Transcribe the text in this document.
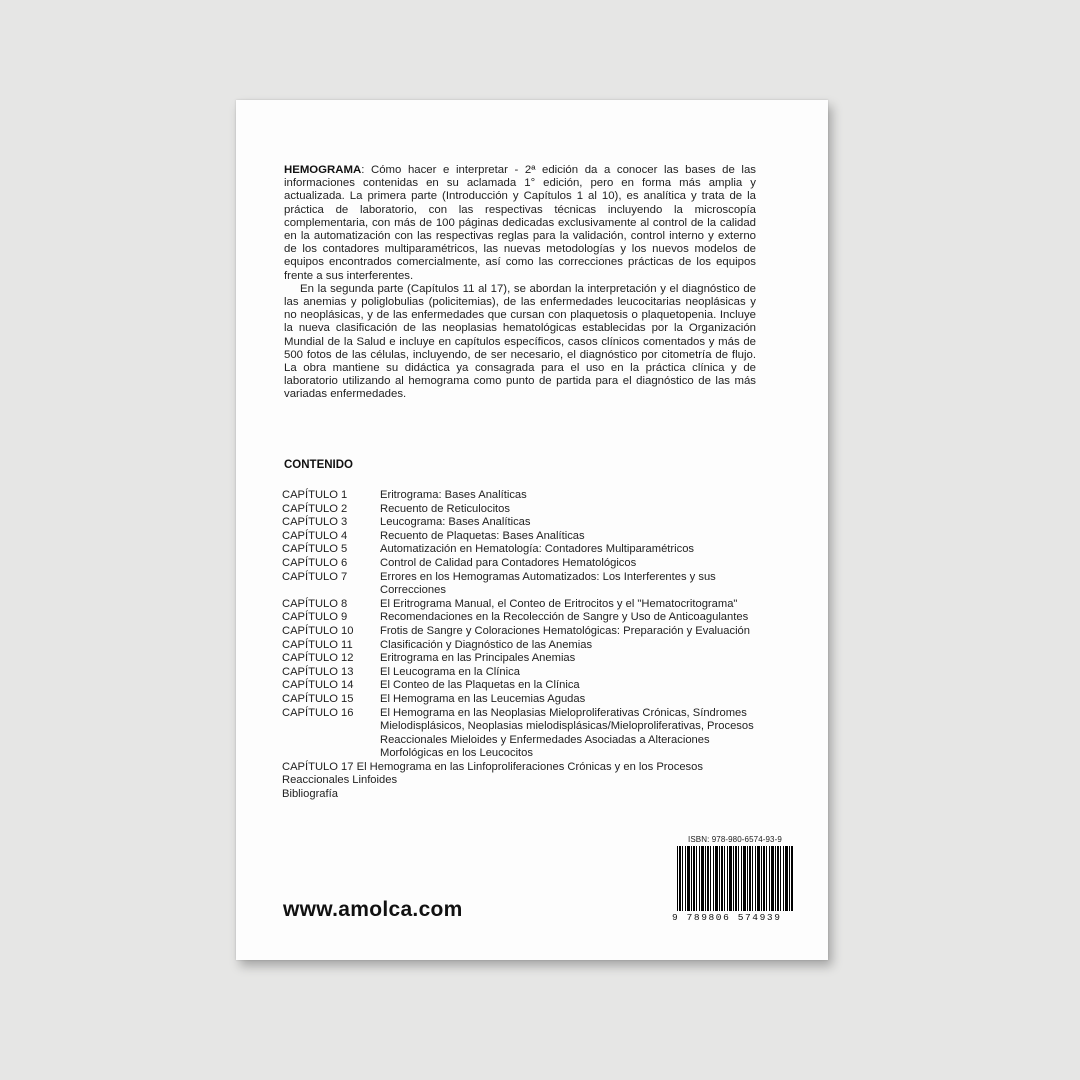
HEMOGRAMA: Cómo hacer e interpretar - 2ª edición da a conocer las bases de las informaciones contenidas en su aclamada 1° edición, pero en forma más amplia y actualizada. La primera parte (Introducción y Capítulos 1 al 10), es analítica y trata de la práctica de laboratorio, con las respectivas técnicas incluyendo la microscopía complementaria, con más de 100 páginas dedicadas exclusivamente al control de la calidad en la automatización con las respectivas reglas para la validación, control interno y externo de los contadores multiparamétricos, las nuevas metodologías y los nuevos modelos de equipos encontrados comercialmente, así como las correcciones prácticas de los equipos frente a sus interferentes.

En la segunda parte (Capítulos 11 al 17), se abordan la interpretación y el diagnóstico de las anemias y poliglobulias (policitemias), de las enfermedades leucocitarias neoplásicas y no neoplásicas, y de las enfermedades que cursan con plaquetosis o plaquetopenia. Incluye la nueva clasificación de las neoplasias hematológicas establecidas por la Organización Mundial de la Salud e incluye en capítulos específicos, casos clínicos comentados y más de 500 fotos de las células, incluyendo, de ser necesario, el diagnóstico por citometría de flujo. La obra mantiene su didáctica ya consagrada para el uso en la práctica clínica y de laboratorio utilizando al hemograma como punto de partida para el diagnóstico de las más variadas enfermedades.

CONTENIDO
CAPÍTULO 1	Eritrograma: Bases Analíticas
CAPÍTULO 2	Recuento de Reticulocitos
CAPÍTULO 3	Leucograma: Bases Analíticas
CAPÍTULO 4	Recuento de Plaquetas: Bases Analíticas
CAPÍTULO 5	Automatización en Hematología: Contadores Multiparamétricos
CAPÍTULO 6	Control de Calidad para Contadores Hematológicos
CAPÍTULO 7	Errores en los Hemogramas Automatizados: Los Interferentes y sus Correcciones
CAPÍTULO 8	El Eritrograma Manual, el Conteo de Eritrocitos y el "Hematocritograma"
CAPÍTULO 9	Recomendaciones en la Recolección de Sangre y Uso de Anticoagulantes
CAPÍTULO 10	Frotis de Sangre y Coloraciones Hematológicas: Preparación y Evaluación
CAPÍTULO 11	Clasificación y Diagnóstico de las Anemias
CAPÍTULO 12	Eritrograma en las Principales Anemias
CAPÍTULO 13	El Leucograma en la Clínica
CAPÍTULO 14	El Conteo de las Plaquetas en la Clínica
CAPÍTULO 15	El Hemograma en las Leucemias Agudas
CAPÍTULO 16	El Hemograma en las Neoplasias Mieloproliferativas Crónicas, Síndromes Mielodisplásicos, Neoplasias mielodisplásicas/Mieloproliferativas, Procesos Reaccionales Mieloides y Enfermedades Asociadas a Alteraciones Morfológicas en los Leucocitos
CAPÍTULO 17 El Hemograma en las Linfoproliferaciones Crónicas y en los Procesos Reaccionales Linfoides
Bibliografía
ISBN: 978-980-6574-93-9
9 789806 574939
www.amolca.com
